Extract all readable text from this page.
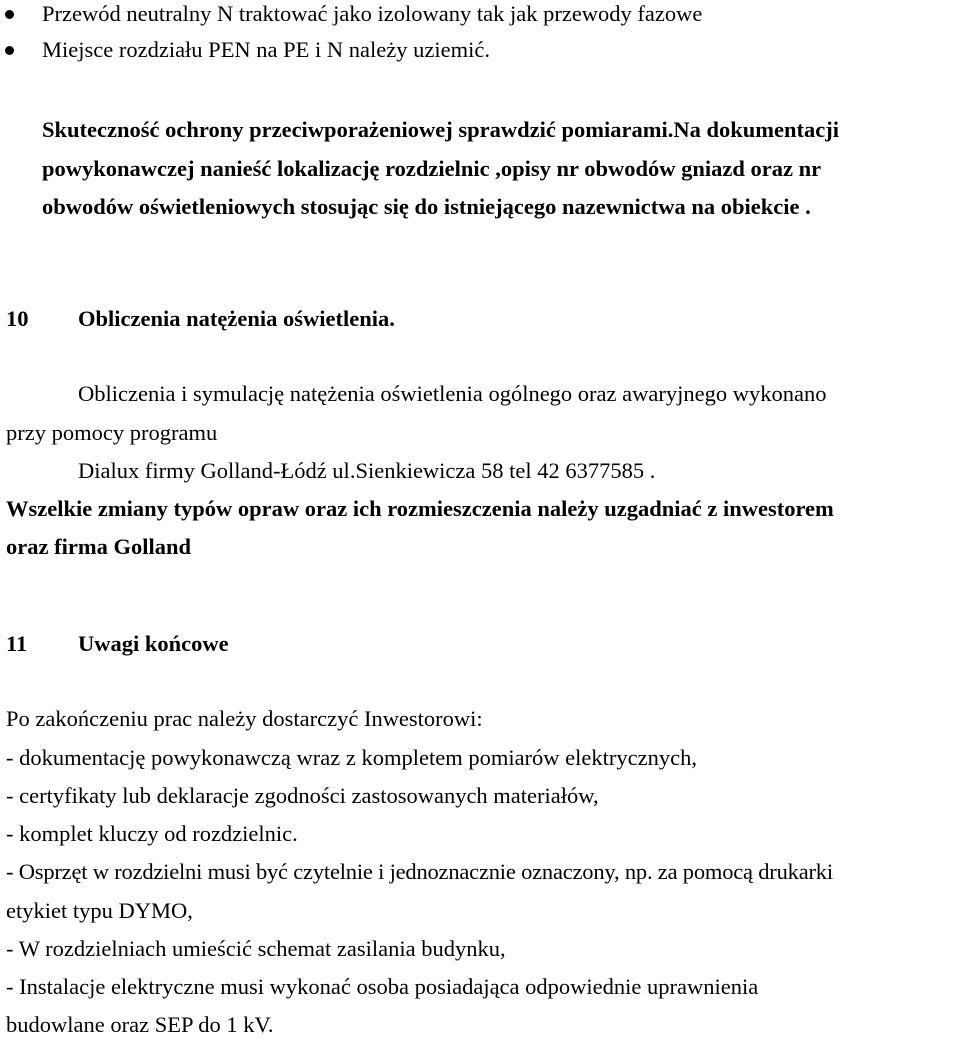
Przewód neutralny N traktować jako izolowany tak jak przewody fazowe
Miejsce rozdziału PEN na PE i N należy uziemić.
Skuteczność ochrony przeciwporażeniowej sprawdzić pomiarami.Na dokumentacji
powykonawczej nanieść lokalizację rozdzielnic ,opisy nr obwodów gniazd oraz nr
obwodów oświetleniowych stosując się do istniejącego nazewnictwa na obiekcie .
10 Obliczenia natężenia oświetlenia.
Obliczenia i symulację natężenia oświetlenia ogólnego oraz awaryjnego wykonano
przy pomocy programu
Dialux firmy Golland-Łódź ul.Sienkiewicza 58 tel 42 6377585 .
Wszelkie zmiany typów opraw oraz ich rozmieszczenia należy uzgadniać z inwestorem
oraz firma Golland
11 Uwagi końcowe
Po zakończeniu prac należy dostarczyć Inwestorowi:
- dokumentację powykonawczą wraz z kompletem pomiarów elektrycznych,
- certyfikaty lub deklaracje zgodności zastosowanych materiałów,
- komplet kluczy od rozdzielnic.
- Osprzęt w rozdzielni musi być czytelnie i jednoznacznie oznaczony, np. za pomocą drukarki
etykiet typu DYMO,
- W rozdzielniach umieścić schemat zasilania budynku,
- Instalacje elektryczne musi wykonać osoba posiadająca odpowiednie uprawnienia
budowlane oraz SEP do 1 kV.
